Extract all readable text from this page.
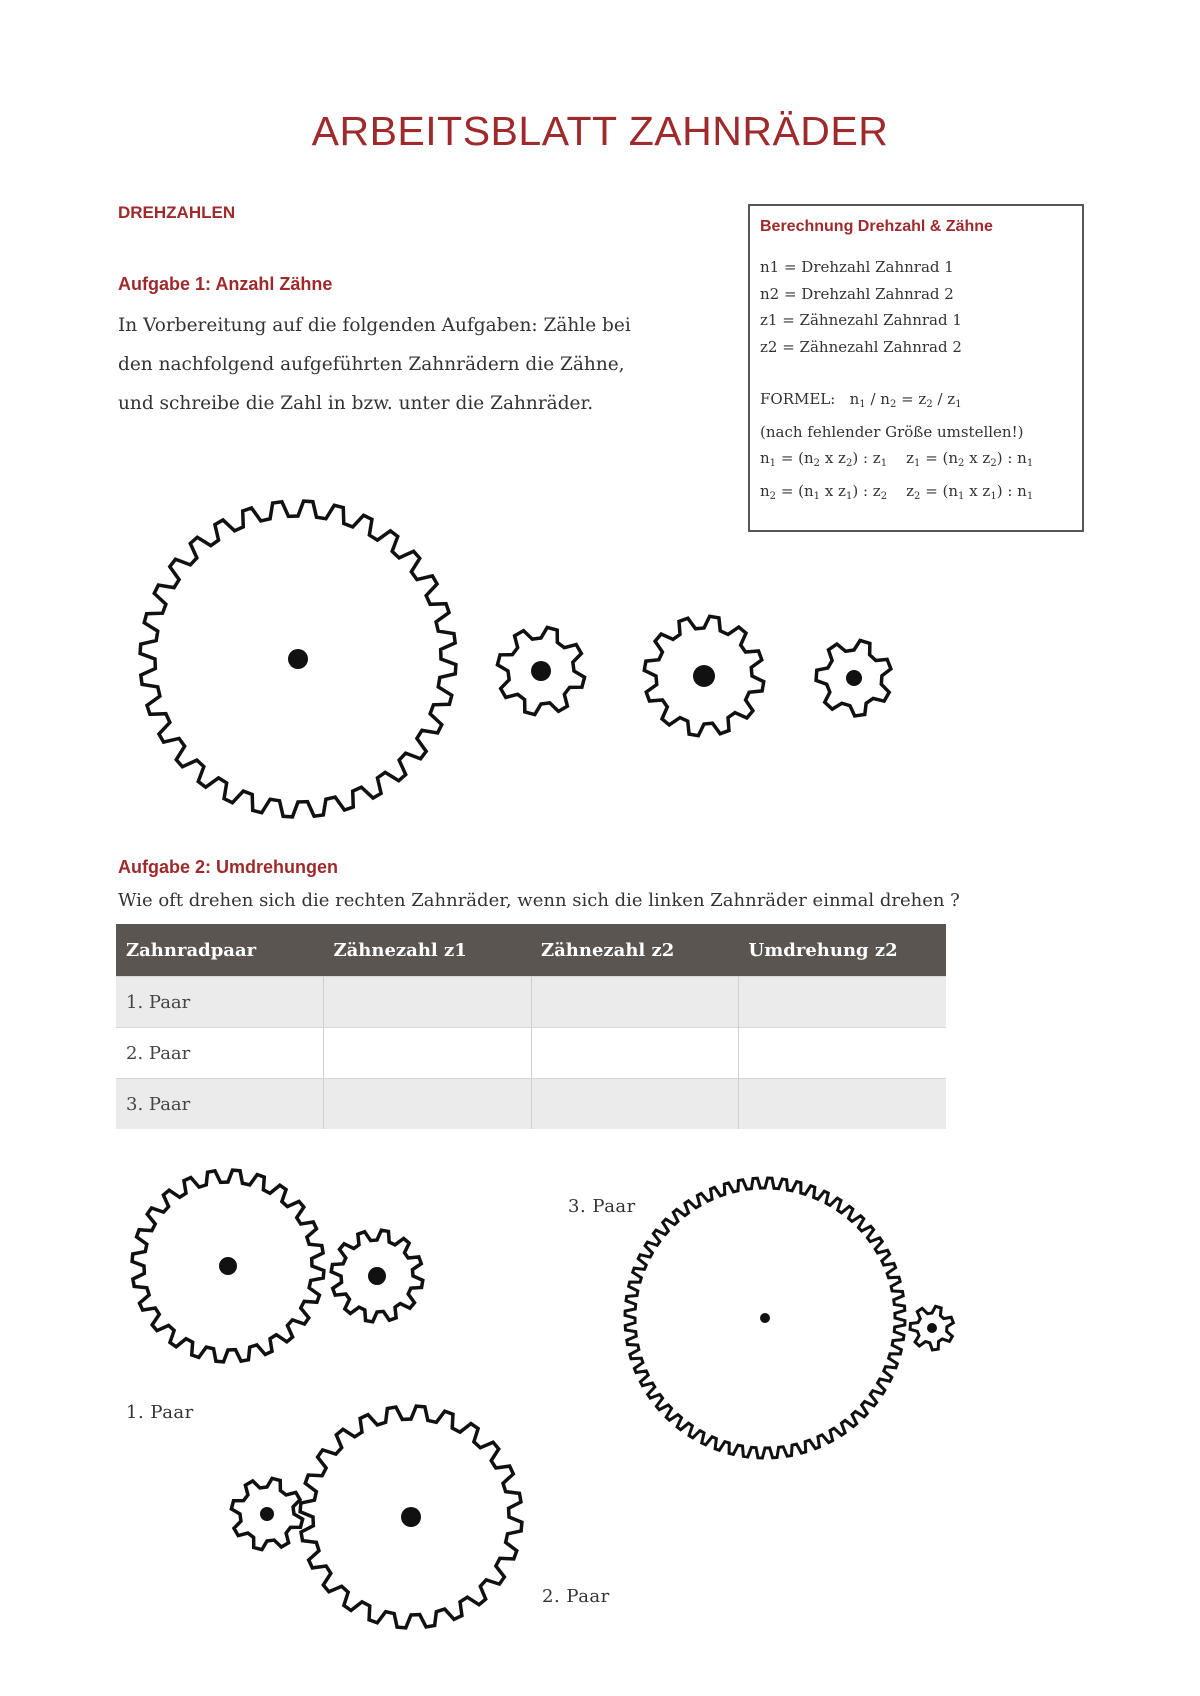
ARBEITSBLATT ZAHNRÄDER
DREHZAHLEN
Aufgabe 1: Anzahl Zähne
In Vorbereitung auf die folgenden Aufgaben: Zähle bei den nachfolgend aufgeführten Zahnrädern die Zähne, und schreibe die Zahl in bzw. unter die Zahnräder.
Berechnung Drehzahl & Zähne
n1 = Drehzahl Zahnrad 1
n2 = Drehzahl Zahnrad 2
z1 = Zähnezahl Zahnrad 1
z2 = Zähnezahl Zahnrad 2
FORMEL:   $n_1 / n_2 = z_2 / z_1$
(nach fehlender Größe umstellen!)
$n_1 = (n_2$ x $z_2$) : $z_1$    $z_1 = (n_2$ x $z_2$) : $n_1$
$n_2 = (n_1$ x $z_1$) : $z_2$    $z_2 = (n_1$ x $z_1$) : $n_1$
Aufgabe 2: Umdrehungen
Wie oft drehen sich die rechten Zahnräder, wenn sich die linken Zahnräder einmal drehen ?
Zahnradpaar	Zähnezahl z1	Zähnezahl z2	Umdrehung z2
1. Paar			
2. Paar			
3. Paar			
1. Paar
2. Paar
3. Paar
